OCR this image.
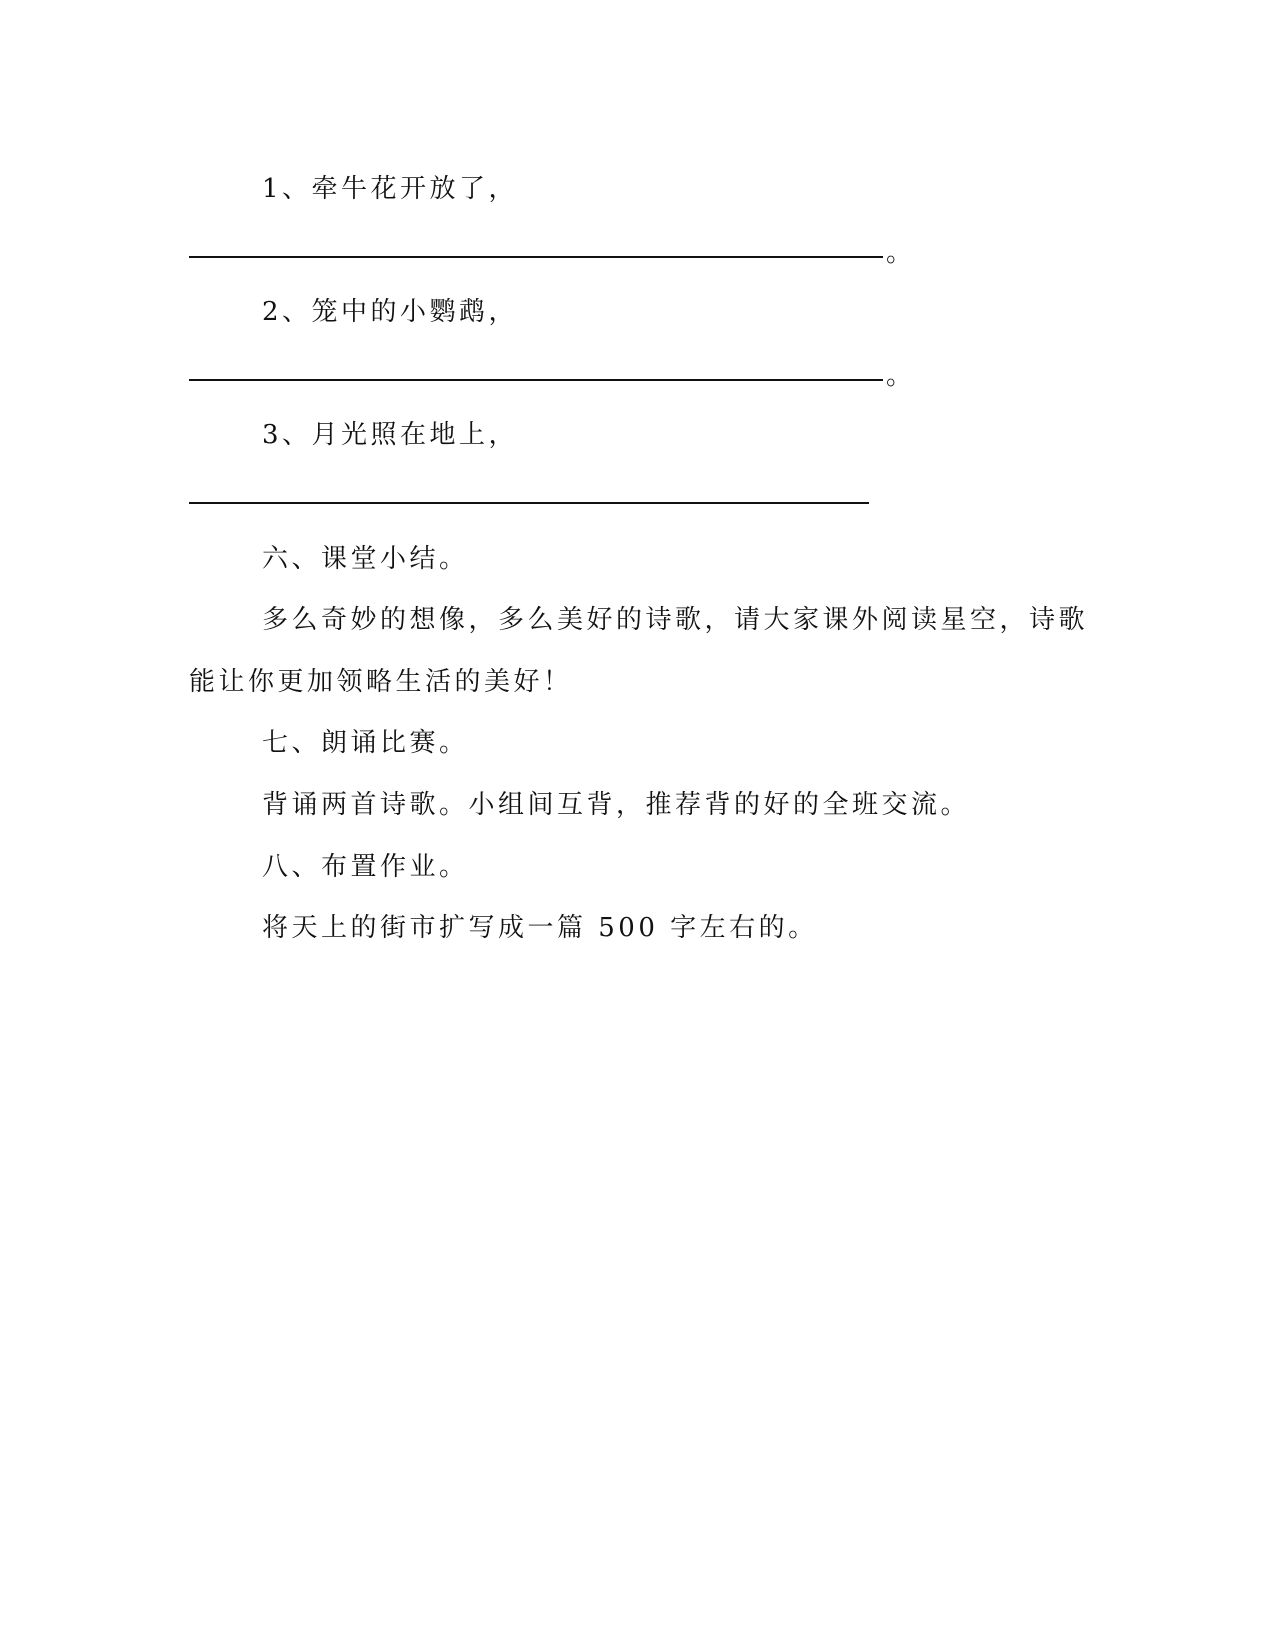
1、牵牛花开放了，
。
2、笼中的小鹦鹉，
。
3、月光照在地上，
六、课堂小结。
多么奇妙的想像，多么美好的诗歌，请大家课外阅读星空，诗歌
能让你更加领略生活的美好！
七、朗诵比赛。
背诵两首诗歌。小组间互背，推荐背的好的全班交流。
八、布置作业。
将天上的街市扩写成一篇 500 字左右的。
